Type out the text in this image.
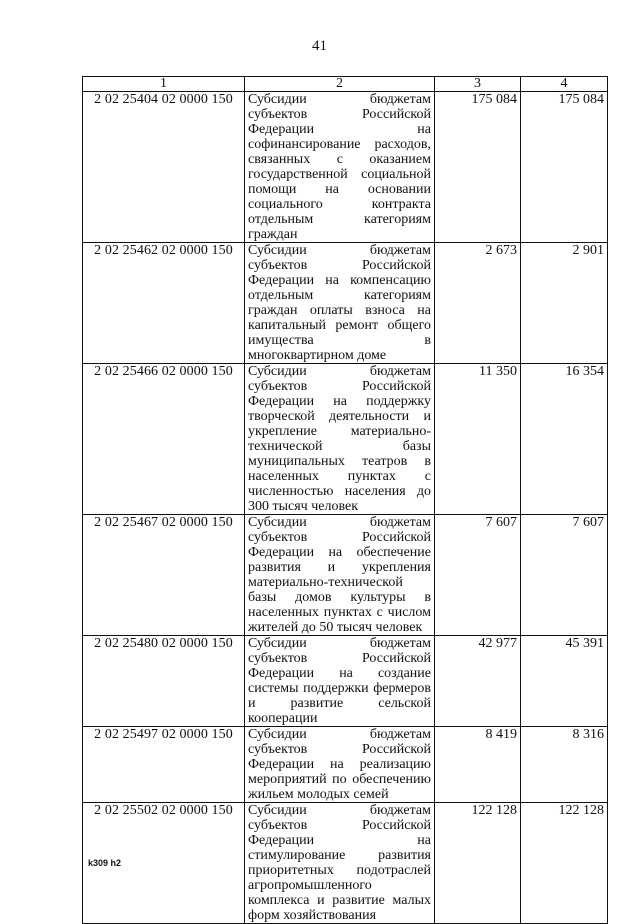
41
1	2	3	4
2 02 25404 02 0000 150	Субсидии бюджетам субъектов Российской Федерации на софинансирование расходов, связанных с оказанием государственной социальной помощи на основании социального контракта отдельным категориям граждан	175 084	175 084
2 02 25462 02 0000 150	Субсидии бюджетам субъектов Российской Федерации на компенсацию отдельным категориям граждан оплаты взноса на капитальный ремонт общего имущества в многоквартирном доме	2 673	2 901
2 02 25466 02 0000 150	Субсидии бюджетам субъектов Российской Федерации на поддержку творческой деятельности и укрепление материально-технической базы муниципальных театров в населенных пунктах с численностью населения до 300 тысяч человек	11 350	16 354
2 02 25467 02 0000 150	Субсидии бюджетам субъектов Российской Федерации на обеспечение развития и укрепления материально-технической базы домов культуры в населенных пунктах с числом жителей до 50 тысяч человек	7 607	7 607
2 02 25480 02 0000 150	Субсидии бюджетам субъектов Российской Федерации на создание системы поддержки фермеров и развитие сельской кооперации	42 977	45 391
2 02 25497 02 0000 150	Субсидии бюджетам субъектов Российской Федерации на реализацию мероприятий по обеспечению жильем молодых семей	8 419	8 316
2 02 25502 02 0000 150	Субсидии бюджетам субъектов Российской Федерации на стимулирование развития приоритетных подотраслей агропромышленного комплекса и развитие малых форм хозяйствования	122 128	122 128
k309 h2
